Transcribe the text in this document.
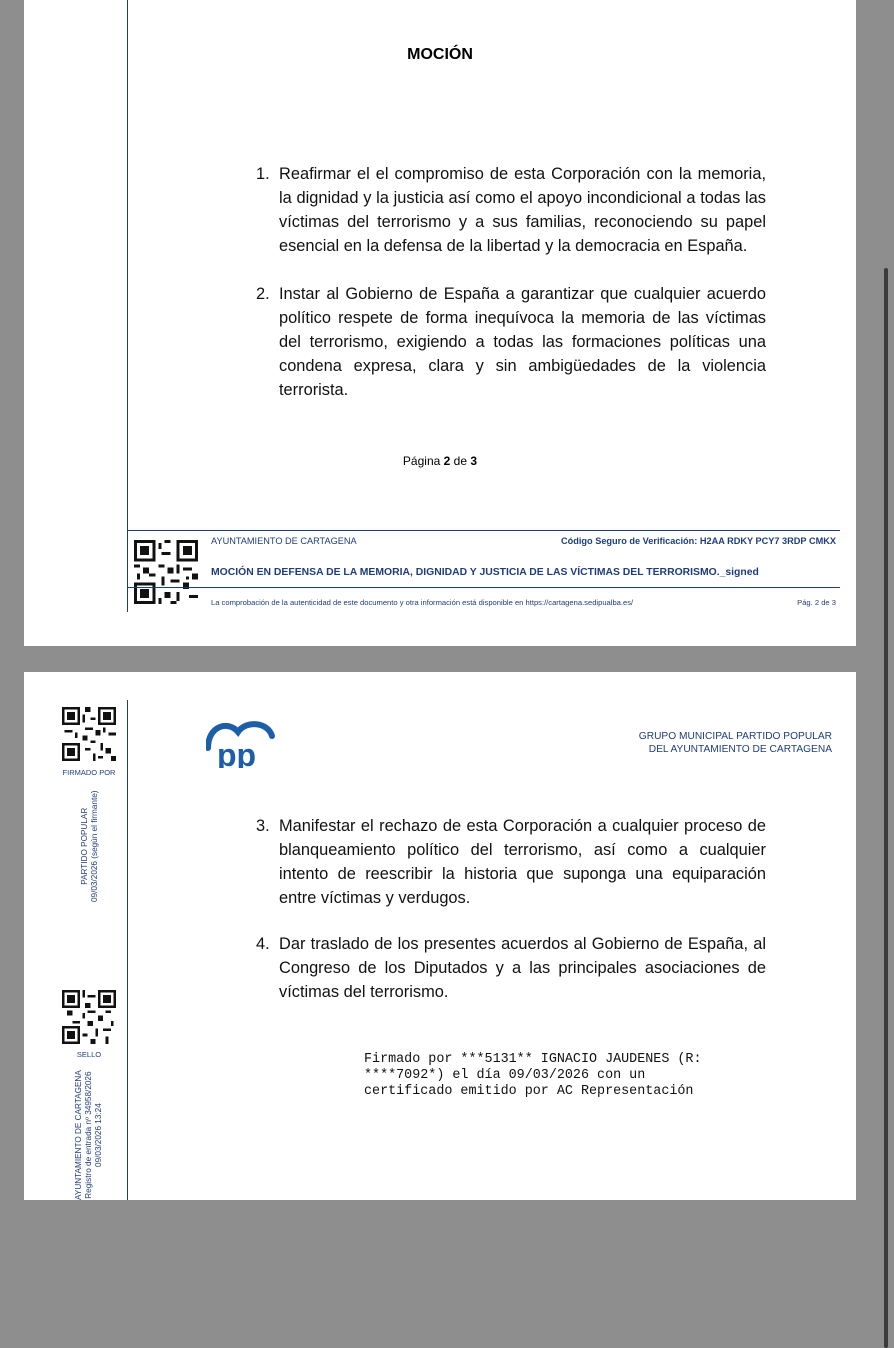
MOCIÓN
1. Reafirmar el el compromiso de esta Corporación con la memoria, la dignidad y la justicia así como el apoyo incondicional a todas las víctimas del terrorismo y a sus familias, reconociendo su papel esencial en la defensa de la libertad y la democracia en España.
2. Instar al Gobierno de España a garantizar que cualquier acuerdo político respete de forma inequívoca la memoria de las víctimas del terrorismo, exigiendo a todas las formaciones políticas una condena expresa, clara y sin ambigüedades de la violencia terrorista.
Página 2 de 3
AYUNTAMIENTO DE CARTAGENA	Código Seguro de Verificación: H2AA RDKY PCY7 3RDP CMKX
MOCIÓN EN DEFENSA DE LA MEMORIA, DIGNIDAD Y JUSTICIA DE LAS VÍCTIMAS DEL TERRORISMO._signed
La comprobación de la autenticidad de este documento y otra información está disponible en https://cartagena.sedipualba.es/	Pág. 2 de 3
FIRMADO POR
PARTIDO POPULAR 09/03/2026 (según el firmante)
SELLO
AYUNTAMIENTO DE CARTAGENA Registro de entrada nº 34958/2026 09/03/2026 13:24
pp
GRUPO MUNICIPAL PARTIDO POPULAR
DEL AYUNTAMIENTO DE CARTAGENA
3. Manifestar el rechazo de esta Corporación a cualquier proceso de blanqueamiento político del terrorismo, así como a cualquier intento de reescribir la historia que suponga una equiparación entre víctimas y verdugos.
4. Dar traslado de los presentes acuerdos al Gobierno de España, al Congreso de los Diputados y a las principales asociaciones de víctimas del terrorismo.
Firmado por ***5131** IGNACIO JAUDENES (R:
****7092*) el día 09/03/2026 con un
certificado emitido por AC Representación
